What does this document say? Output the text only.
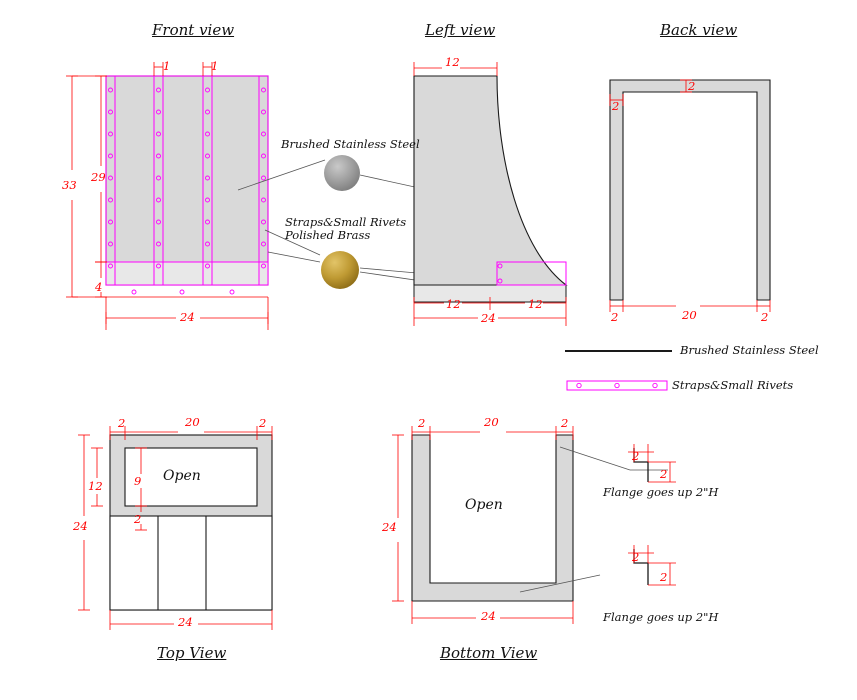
Front view	Left view	Back view
Top View	Bottom View
Brushed Stainless Steel
Straps&Small Rivets
Polished Brass
Brushed Stainless Steel
Straps&Small Rivets
Flange goes up 2"H
Flange goes up 2"H
Open
Open
1	1
33
29
4
24
12
12	12
24
2
2
2	20	2
2	20	2
12	9
2
24
24
2	20	2
24
24
2
2
2
2
